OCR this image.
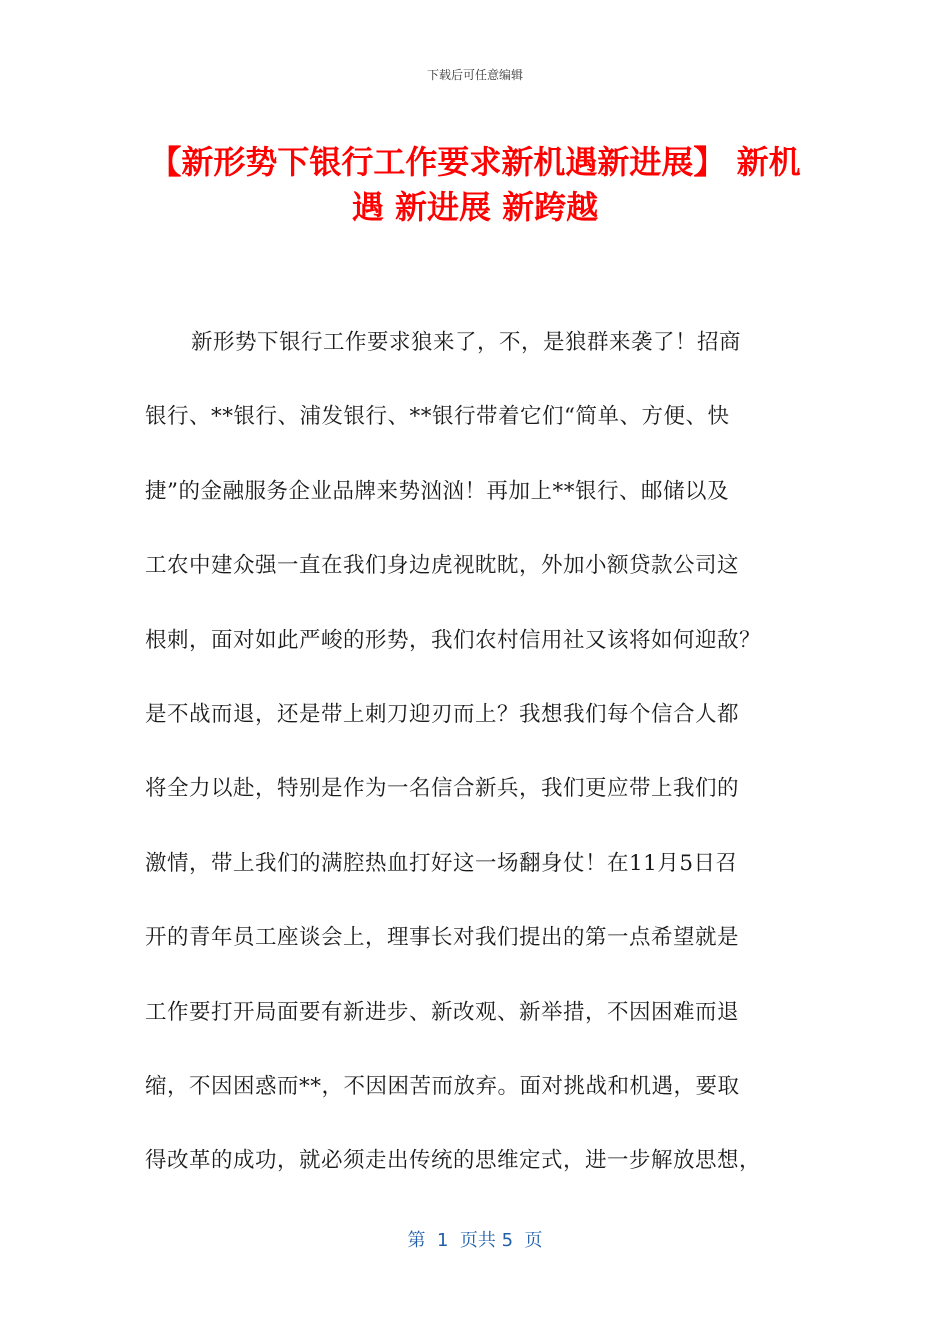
下载后可任意编辑
【新形势下银行工作要求新机遇新进展】 新机遇 新进展 新跨越
新形势下银行工作要求狼来了，不，是狼群来袭了！招商
银行、**银行、浦发银行、**银行带着它们“简单、方便、快
捷”的金融服务企业品牌来势汹汹！再加上**银行、邮储以及
工农中建众强一直在我们身边虎视眈眈，外加小额贷款公司这
根刺，面对如此严峻的形势，我们农村信用社又该将如何迎敌？
是不战而退，还是带上刺刀迎刃而上？我想我们每个信合人都
将全力以赴，特别是作为一名信合新兵，我们更应带上我们的
激情，带上我们的满腔热血打好这一场翻身仗！在11月5日召
开的青年员工座谈会上，理事长对我们提出的第一点希望就是
工作要打开局面要有新进步、新改观、新举措，不因困难而退
缩，不因困惑而**，不因困苦而放弃。面对挑战和机遇，要取
得改革的成功，就必须走出传统的思维定式，进一步解放思想，
第  1  页共 5  页
